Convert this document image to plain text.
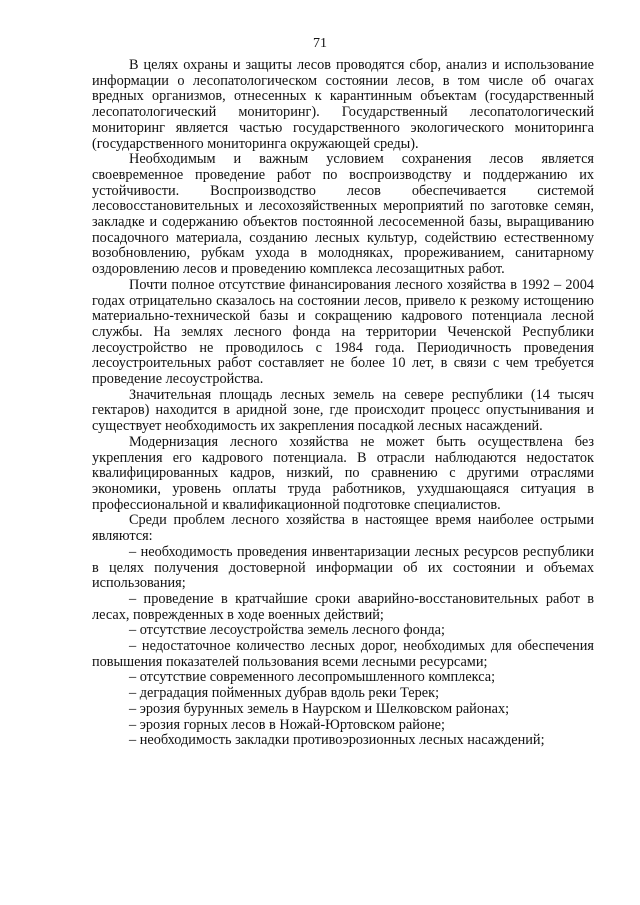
71

В целях охраны и защиты лесов проводятся сбор, анализ и использование информации о лесопатологическом состоянии лесов, в том числе об очагах вредных организмов, отнесенных к карантинным объектам (государственный лесопатологический мониторинг). Государственный лесопатологический мониторинг является частью государственного экологического мониторинга (государственного мониторинга окружающей среды).

Необходимым и важным условием сохранения лесов является своевременное проведение работ по воспроизводству и поддержанию их устойчивости. Воспроизводство лесов обеспечивается системой лесовосстановительных и лесохозяйственных мероприятий по заготовке семян, закладке и содержанию объектов постоянной лесосеменной базы, выращиванию посадочного материала, созданию лесных культур, содействию естественному возобновлению, рубкам ухода в молодняках, прореживанием, санитарному оздоровлению лесов и проведению комплекса лесозащитных работ.

Почти полное отсутствие финансирования лесного хозяйства в 1992 – 2004 годах отрицательно сказалось на состоянии лесов, привело к резкому истощению материально-технической базы и сокращению кадрового потенциала лесной службы. На землях лесного фонда на территории Чеченской Республики лесоустройство не проводилось с 1984 года. Периодичность проведения лесоустроительных работ составляет не более 10 лет, в связи с чем требуется проведение лесоустройства.

Значительная площадь лесных земель на севере республики (14 тысяч гектаров) находится в аридной зоне, где происходит процесс опустынивания и существует необходимость их закрепления посадкой лесных насаждений.

Модернизация лесного хозяйства не может быть осуществлена без укрепления его кадрового потенциала. В отрасли наблюдаются недостаток квалифицированных кадров, низкий, по сравнению с другими отраслями экономики, уровень оплаты труда работников, ухудшающаяся ситуация в профессиональной и квалификационной подготовке специалистов.

Среди проблем лесного хозяйства в настоящее время наиболее острыми являются:

– необходимость проведения инвентаризации лесных ресурсов республики в целях получения достоверной информации об их состоянии и объемах использования;

– проведение в кратчайшие сроки аварийно-восстановительных работ в лесах, поврежденных в ходе военных действий;

– отсутствие лесоустройства земель лесного фонда;

– недостаточное количество лесных дорог, необходимых для обеспечения повышения показателей пользования всеми лесными ресурсами;

– отсутствие современного лесопромышленного комплекса;

– деградация пойменных дубрав вдоль реки Терек;

– эрозия бурунных земель в Наурском и Шелковском районах;

– эрозия горных лесов в Ножай-Юртовском районе;

– необходимость закладки противоэрозионных лесных насаждений;
